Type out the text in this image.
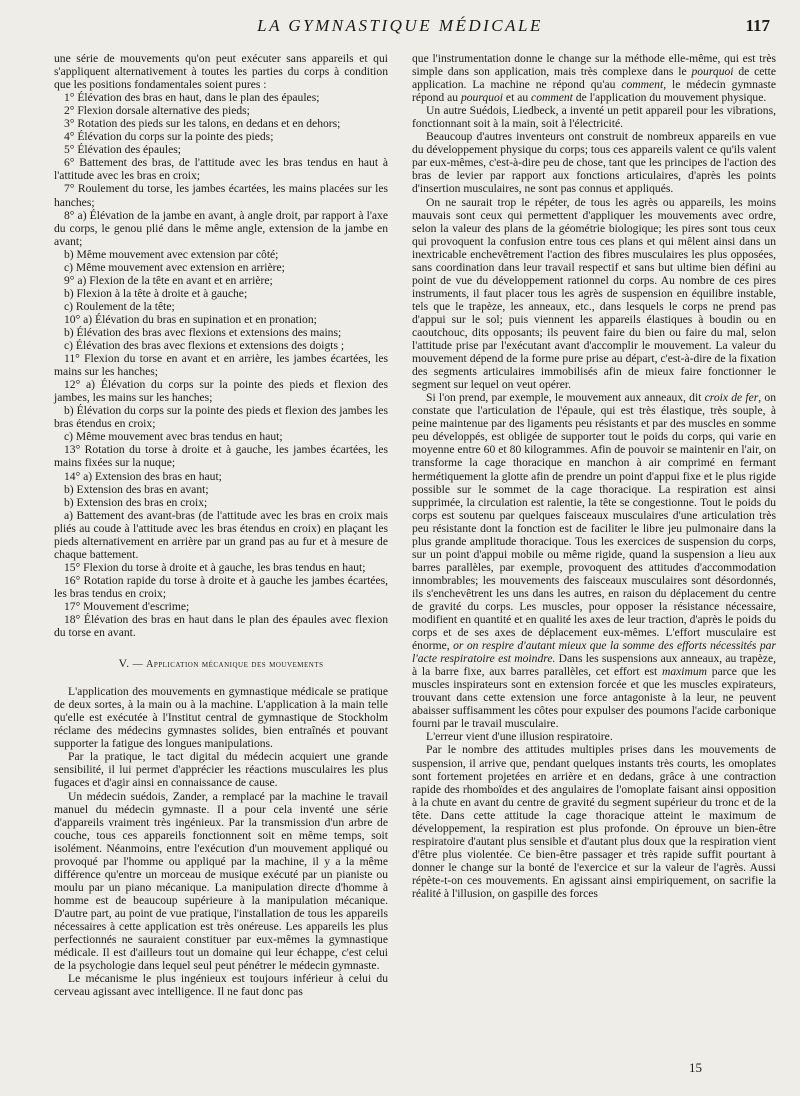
LA GYMNASTIQUE MÉDICALE	117

une série de mouvements qu'on peut exécuter sans appareils et qui s'appliquent alternativement à toutes les parties du corps à condition que les positions fondamentales soient pures :

1° Élévation des bras en haut, dans le plan des épaules;

2° Flexion dorsale alternative des pieds;

3° Rotation des pieds sur les talons, en dedans et en dehors;

4° Élévation du corps sur la pointe des pieds;

5° Élévation des épaules;

6° Battement des bras, de l'attitude avec les bras tendus en haut à l'attitude avec les bras en croix;

7° Roulement du torse, les jambes écartées, les mains placées sur les hanches;

8° a) Élévation de la jambe en avant, à angle droit, par rapport à l'axe du corps, le genou plié dans le même angle, extension de la jambe en avant;

b) Même mouvement avec extension par côté;

c) Même mouvement avec extension en arrière;

9° a) Flexion de la tête en avant et en arrière;

b) Flexion à la tête à droite et à gauche;

c) Roulement de la tête;

10° a) Élévation du bras en supination et en pronation;

b) Élévation des bras avec flexions et extensions des mains;

c) Élévation des bras avec flexions et extensions des doigts ;

11° Flexion du torse en avant et en arrière, les jambes écartées, les mains sur les hanches;

12° a) Élévation du corps sur la pointe des pieds et flexion des jambes, les mains sur les hanches;

b) Élévation du corps sur la pointe des pieds et flexion des jambes les bras étendus en croix;

c) Même mouvement avec bras tendus en haut;

13° Rotation du torse à droite et à gauche, les jambes écartées, les mains fixées sur la nuque;

14° a) Extension des bras en haut;

b) Extension des bras en avant;

b) Extension des bras en croix;

a) Battement des avant-bras (de l'attitude avec les bras en croix mais pliés au coude à l'attitude avec les bras étendus en croix) en plaçant les pieds alternativement en arrière par un grand pas au fur et à mesure de chaque battement.

15° Flexion du torse à droite et à gauche, les bras tendus en haut;

16° Rotation rapide du torse à droite et à gauche les jambes écartées, les bras tendus en croix;

17° Mouvement d'escrime;

18° Élévation des bras en haut dans le plan des épaules avec flexion du torse en avant.

V. — Application mécanique des mouvements

L'application des mouvements en gymnastique médicale se pratique de deux sortes, à la main ou à la machine. L'application à la main telle qu'elle est exécutée à l'Institut central de gymnastique de Stockholm réclame des médecins gymnastes solides, bien entraînés et pouvant supporter la fatigue des longues manipulations.

Par la pratique, le tact digital du médecin acquiert une grande sensibilité, il lui permet d'apprécier les réactions musculaires les plus fugaces et d'agir ainsi en connaissance de cause.

Un médecin suédois, Zander, a remplacé par la machine le travail manuel du médecin gymnaste. Il a pour cela inventé une série d'appareils vraiment très ingénieux. Par la transmission d'un arbre de couche, tous ces appareils fonctionnent soit en même temps, soit isolément. Néanmoins, entre l'exécution d'un mouvement appliqué ou provoqué par l'homme ou appliqué par la machine, il y a la même différence qu'entre un morceau de musique exécuté par un pianiste ou moulu par un piano mécanique. La manipulation directe d'homme à homme est de beaucoup supérieure à la manipulation mécanique. D'autre part, au point de vue pratique, l'installation de tous les appareils nécessaires à cette application est très onéreuse. Les appareils les plus perfectionnés ne sauraient constituer par eux-mêmes la gymnastique médicale. Il est d'ailleurs tout un domaine qui leur échappe, c'est celui de la psychologie dans lequel seul peut pénétrer le médecin gymnaste.

Le mécanisme le plus ingénieux est toujours inférieur à celui du cerveau agissant avec intelligence. Il ne faut donc pas

que l'instrumentation donne le change sur la méthode elle-même, qui est très simple dans son application, mais très complexe dans le pourquoi de cette application. La machine ne répond qu'au comment, le médecin gymnaste répond au pourquoi et au comment de l'application du mouvement physique.

Un autre Suédois, Liedbeck, a inventé un petit appareil pour les vibrations, fonctionnant soit à la main, soit à l'électricité.

Beaucoup d'autres inventeurs ont construit de nombreux appareils en vue du développement physique du corps; tous ces appareils valent ce qu'ils valent par eux-mêmes, c'est-à-dire peu de chose, tant que les principes de l'action des bras de levier par rapport aux fonctions articulaires, d'après les points d'insertion musculaires, ne sont pas connus et appliqués.

On ne saurait trop le répéter, de tous les agrès ou appareils, les moins mauvais sont ceux qui permettent d'appliquer les mouvements avec ordre, selon la valeur des plans de la géométrie biologique; les pires sont tous ceux qui provoquent la confusion entre tous ces plans et qui mêlent ainsi dans un inextricable enchevêtrement l'action des fibres musculaires les plus opposées, sans coordination dans leur travail respectif et sans but ultime bien défini au point de vue du développement rationnel du corps. Au nombre de ces pires instruments, il faut placer tous les agrès de suspension en équilibre instable, tels que le trapèze, les anneaux, etc., dans lesquels le corps ne prend pas d'appui sur le sol; puis viennent les appareils élastiques à boudin ou en caoutchouc, dits opposants; ils peuvent faire du bien ou faire du mal, selon l'attitude prise par l'exécutant avant d'accomplir le mouvement. La valeur du mouvement dépend de la forme pure prise au départ, c'est-à-dire de la fixation des segments articulaires immobilisés afin de mieux faire fonctionner le segment sur lequel on veut opérer.

Si l'on prend, par exemple, le mouvement aux anneaux, dit croix de fer, on constate que l'articulation de l'épaule, qui est très élastique, très souple, à peine maintenue par des ligaments peu résistants et par des muscles en somme peu développés, est obligée de supporter tout le poids du corps, qui varie en moyenne entre 60 et 80 kilogrammes. Afin de pouvoir se maintenir en l'air, on transforme la cage thoracique en manchon à air comprimé en fermant hermétiquement la glotte afin de prendre un point d'appui fixe et le plus rigide possible sur le sommet de la cage thoracique. La respiration est ainsi supprimée, la circulation est ralentie, la tête se congestionne. Tout le poids du corps est soutenu par quelques faisceaux musculaires d'une articulation très peu résistante dont la fonction est de faciliter le libre jeu pulmonaire dans la plus grande amplitude thoracique. Tous les exercices de suspension du corps, sur un point d'appui mobile ou même rigide, quand la suspension a lieu aux barres parallèles, par exemple, provoquent des attitudes d'accommodation innombrables; les mouvements des faisceaux musculaires sont désordonnés, ils s'enchevêtrent les uns dans les autres, en raison du déplacement du centre de gravité du corps. Les muscles, pour opposer la résistance nécessaire, modifient en quantité et en qualité les axes de leur traction, d'après le poids du corps et de ses axes de déplacement eux-mêmes. L'effort musculaire est énorme, or on respire d'autant mieux que la somme des efforts nécessités par l'acte respiratoire est moindre. Dans les suspensions aux anneaux, au trapèze, à la barre fixe, aux barres parallèles, cet effort est maximum parce que les muscles inspirateurs sont en extension forcée et que les muscles expirateurs, trouvant dans cette extension une force antagoniste à la leur, ne peuvent abaisser suffisamment les côtes pour expulser des poumons l'acide carbonique fourni par le travail musculaire.

L'erreur vient d'une illusion respiratoire.

Par le nombre des attitudes multiples prises dans les mouvements de suspension, il arrive que, pendant quelques instants très courts, les omoplates sont fortement projetées en arrière et en dedans, grâce à une contraction rapide des rhomboïdes et des angulaires de l'omoplate faisant ainsi opposition à la chute en avant du centre de gravité du segment supérieur du tronc et de la tête. Dans cette attitude la cage thoracique atteint le maximum de développement, la respiration est plus profonde. On éprouve un bien-être respiratoire d'autant plus sensible et d'autant plus doux que la respiration vient d'être plus violentée. Ce bien-être passager et très rapide suffit pourtant à donner le change sur la bonté de l'exercice et sur la valeur de l'agrès. Aussi répète-t-on ces mouvements. En agissant ainsi empiriquement, on sacrifie la réalité à l'illusion, on gaspille des forces

15
